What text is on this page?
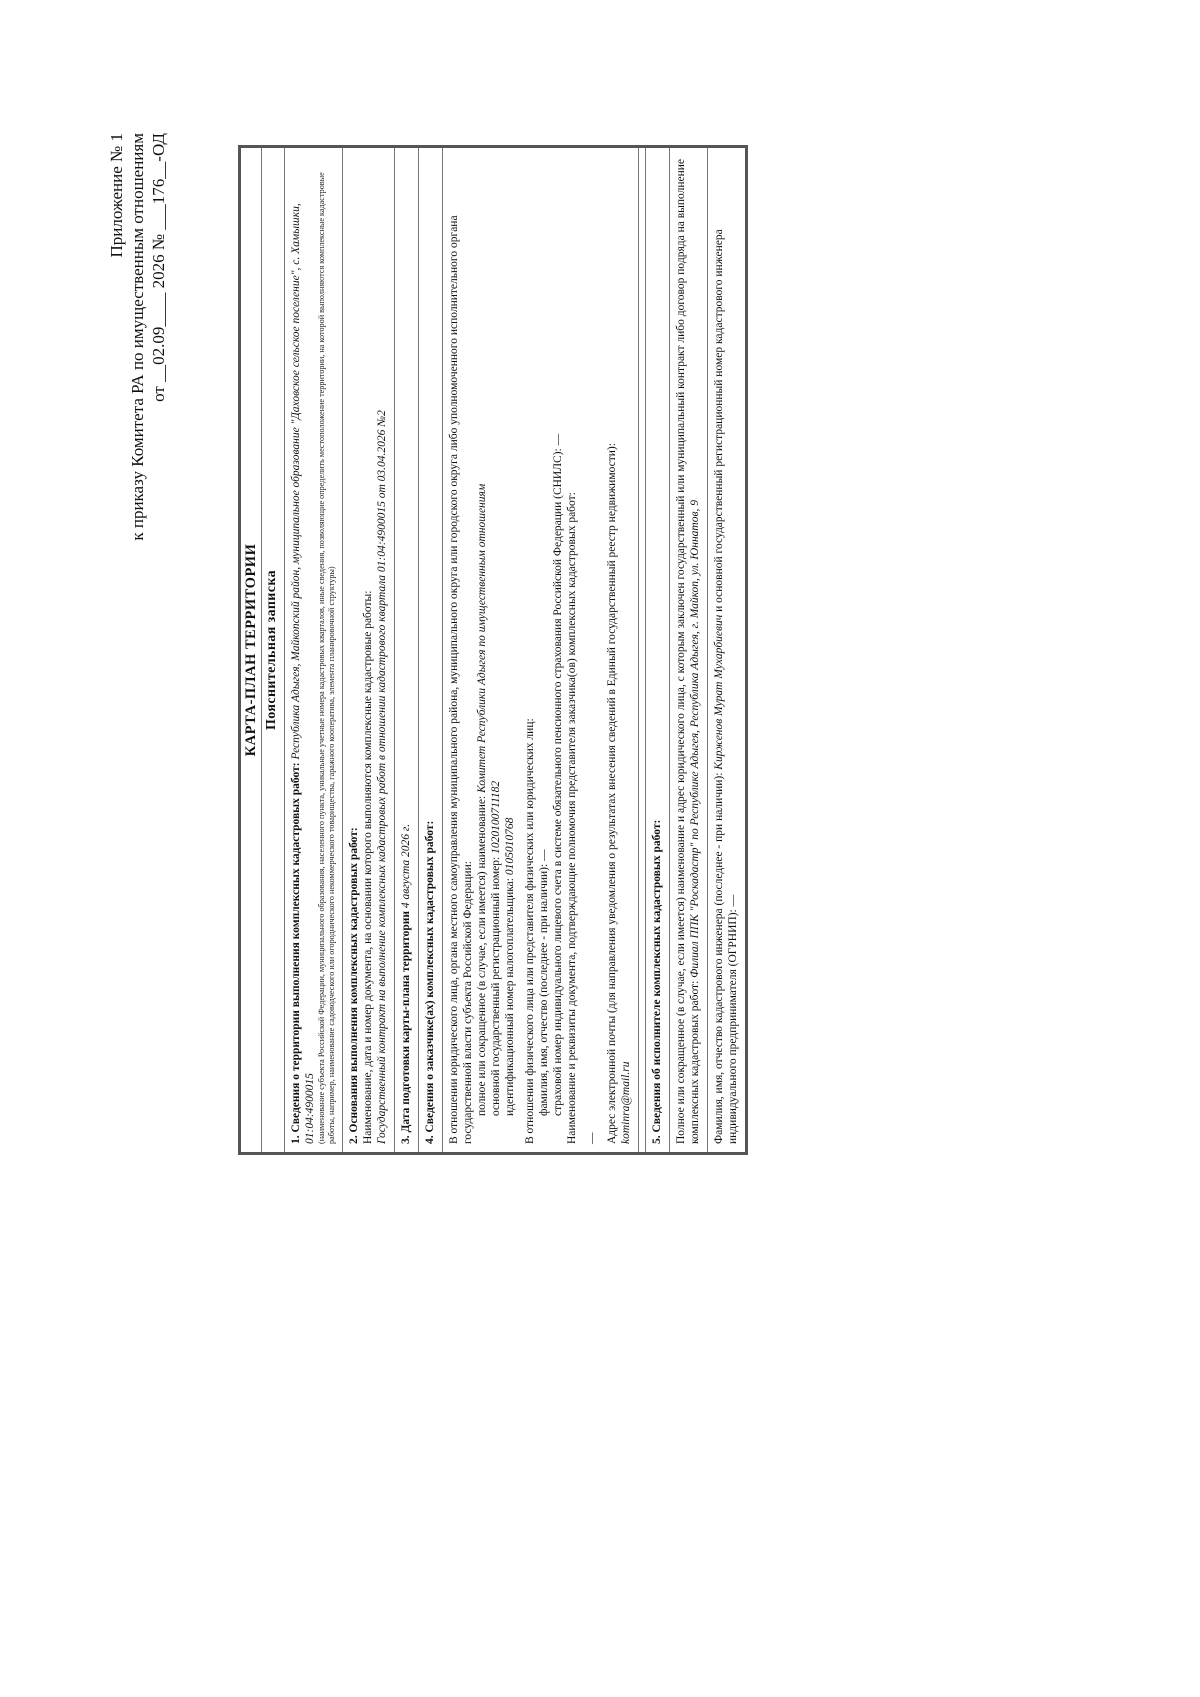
Приложение № 1 к приказу Комитета РА по имущественным отношениям от __02.09____ 2026 № ___176__-ОД
КАРТА-ПЛАН ТЕРРИТОРИИ
Пояснительная записка
1. Сведения о территории выполнения комплексных кадастровых работ: Республика Адыгея, Майкопский район, муниципальное образование "Даховское сельское поселение", с. Хамышки, 01:04:4900015 (наименование субъекта Российской Федерации, муниципального образования, населенного пункта, уникальные учетные номера кадастровых кварталов, иные сведения, позволяющие определить местоположение территории, на которой выполняются комплексные кадастровые работы, например, наименование садоводческого или огороднического некоммерческого товарищества, гаражного кооператива, элемента планировочной структуры)

2. Основания выполнения комплексных кадастровых работ: Наименование, дата и номер документа, на основании которого выполняются комплексные кадастровые работы: Государственный контракт на выполнение комплексных кадастровых работ в отношении кадастрового квартала 01:04:4900015 от 03.04.2026 №2

3. Дата подготовки карты-плана территории 4 августа 2026 г.
4. Сведения о заказчике(ах) комплексных кадастровых работ:

В отношении юридического лица, органа местного самоуправления муниципального района, муниципального округа или городского округа либо уполномоченного исполнительного органа государственной власти субъекта Российской Федерации: полное или сокращенное (в случае, если имеется) наименование: Комитет Республики Адыгея по имущественным отношениям
основной государственный регистрационный номер: 1020100711182
идентификационный номер налогоплательщика: 0105010768 В отношении физического лица или представителя физических или юридических лиц: фамилия, имя, отчество (последнее - при наличии): — страховой номер индивидуального лицевого счета в системе обязательного пенсионного страхования Российской Федерации (СНИЛС): — Наименование и реквизиты документа, подтверждающие полномочия представителя заказчика(ов) комплексных кадастровых работ: — Адрес электронной почты (для направления уведомления о результатах внесения сведений в Единый государственный реестр недвижимости): kominra@mail.ru

5. Сведения об исполнителе комплексных кадастровых работ:
Полное или сокращенное (в случае, если имеется) наименование и адрес юридического лица, с которым заключен государственный или муниципальный контракт либо договор подряда на выполнение комплексных кадастровых работ: Филиал ППК "Роскадастр" по Республике Адыгея, Республика Адыгея, г. Майкоп, ул. Юннатов, 9
Фамилия, имя, отчество кадастрового инженера (последнее - при наличии): Кирженов Мурат Мухарбиевич и основной государственный регистрационный номер кадастрового инженера индивидуального предпринимателя (ОГРНИП): —
